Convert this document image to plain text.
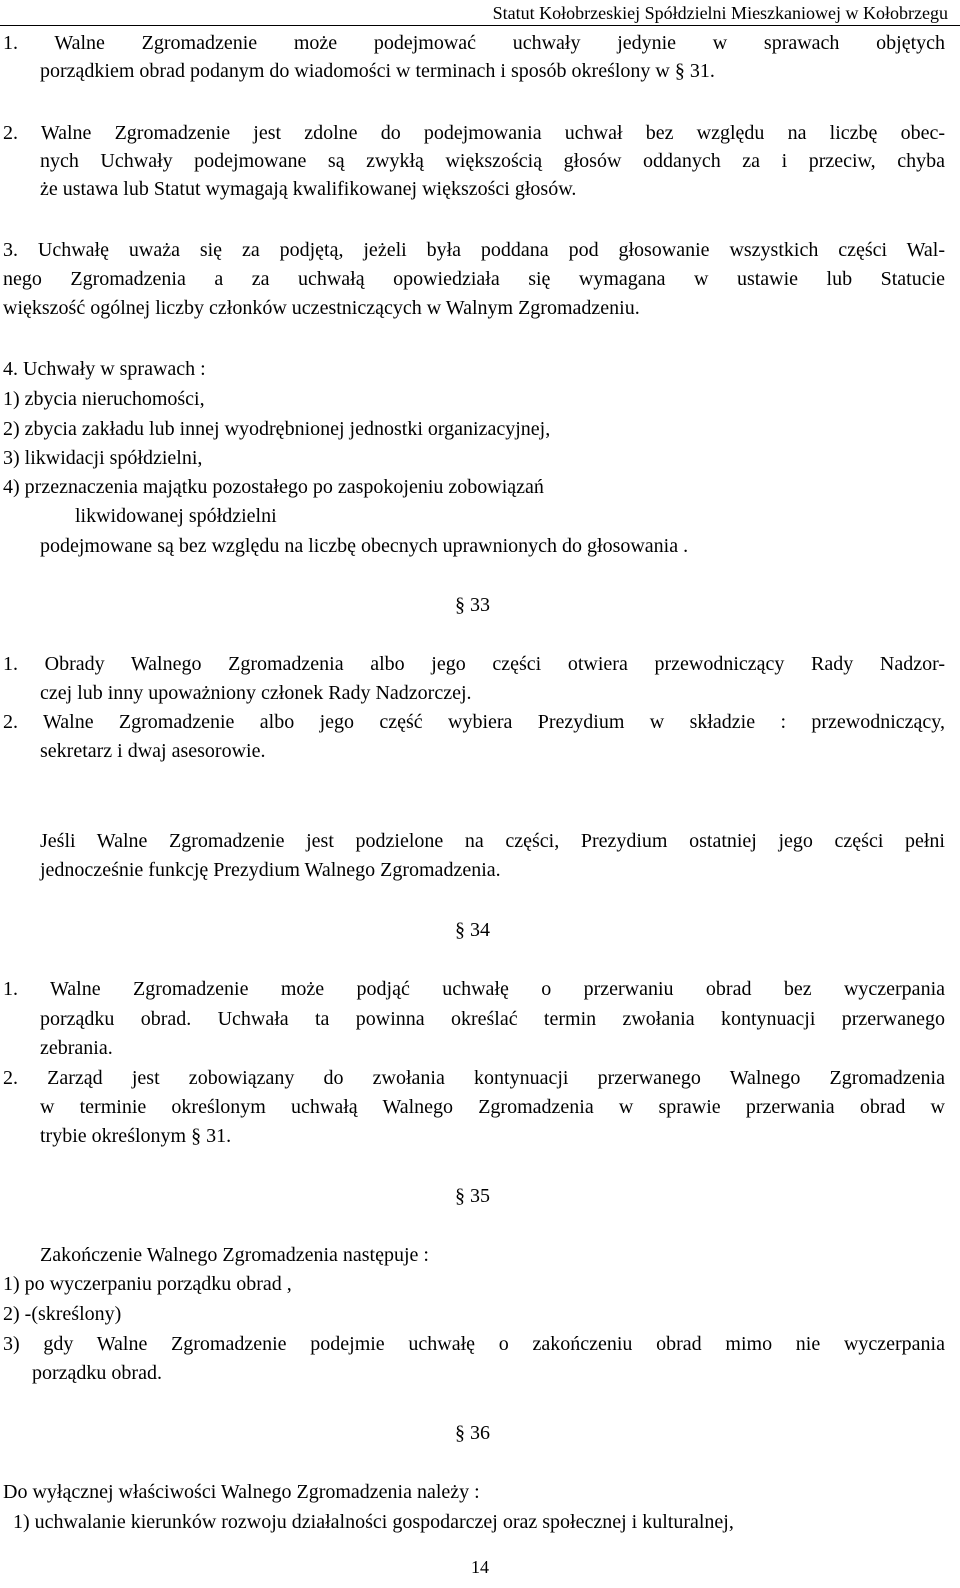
Statut Kołobrzeskiej Spółdzielni Mieszkaniowej w Kołobrzegu
1. Walne Zgromadzenie może podejmować uchwały jedynie w sprawach objętych
porządkiem obrad podanym do wiadomości w terminach i sposób określony w § 31.
2. Walne Zgromadzenie jest zdolne do podejmowania uchwał bez względu na liczbę obec-
nych Uchwały podejmowane są zwykłą większością głosów oddanych za i przeciw, chyba
że ustawa lub Statut wymagają kwalifikowanej większości głosów.
3. Uchwałę uważa się za podjętą, jeżeli była poddana pod głosowanie wszystkich części Wal-
nego Zgromadzenia a za uchwałą opowiedziała się wymagana w ustawie lub Statucie
większość ogólnej liczby członków uczestniczących w Walnym Zgromadzeniu.
4. Uchwały w sprawach :
1) zbycia nieruchomości,
2) zbycia zakładu lub innej wyodrębnionej jednostki organizacyjnej,
3) likwidacji spółdzielni,
4) przeznaczenia majątku pozostałego po zaspokojeniu zobowiązań
likwidowanej spółdzielni
podejmowane są bez względu na liczbę obecnych uprawnionych do głosowania .
§ 33
1. Obrady Walnego Zgromadzenia albo jego części otwiera przewodniczący Rady Nadzor-
czej lub inny upoważniony członek Rady Nadzorczej.
2. Walne Zgromadzenie albo jego część wybiera Prezydium w składzie : przewodniczący,
sekretarz i dwaj asesorowie.
Jeśli Walne Zgromadzenie jest podzielone na części, Prezydium ostatniej jego części pełni
jednocześnie funkcję Prezydium Walnego Zgromadzenia.
§ 34
1. Walne Zgromadzenie może podjąć uchwałę o przerwaniu obrad bez wyczerpania
porządku obrad. Uchwała ta powinna określać termin zwołania kontynuacji przerwanego
zebrania.
2. Zarząd jest zobowiązany do zwołania kontynuacji przerwanego Walnego Zgromadzenia
w terminie określonym uchwałą Walnego Zgromadzenia w sprawie przerwania obrad w
trybie określonym § 31.
§ 35
Zakończenie Walnego Zgromadzenia następuje :
1) po wyczerpaniu porządku obrad ,
2) -(skreślony)
3) gdy Walne Zgromadzenie podejmie uchwałę o zakończeniu obrad mimo nie wyczerpania
porządku obrad.
§ 36
Do wyłącznej właściwości Walnego Zgromadzenia należy :
1) uchwalanie kierunków rozwoju działalności gospodarczej oraz społecznej i kulturalnej,
14
